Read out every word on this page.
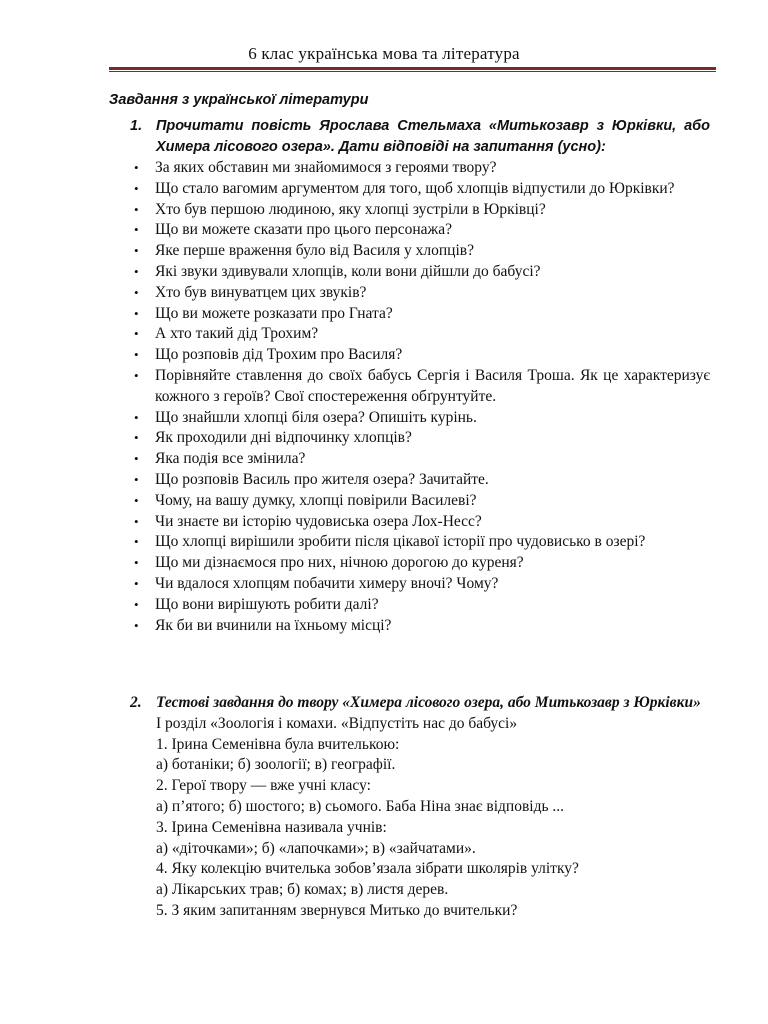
6 клас українська мова та література
Завдання з української літератури
1. Прочитати повість Ярослава Стельмаха «Митькозавр з Юрківки, або Химера лісового озера». Дати відповіді на запитання (усно):
• За яких обставин ми знайомимося з героями твору?
• Що стало вагомим аргументом для того, щоб хлопців відпустили до Юрківки?
• Хто був першою людиною, яку хлопці зустріли в Юрківці?
• Що ви можете сказати про цього персонажа?
• Яке перше враження було від Василя у хлопців?
• Які звуки здивували хлопців, коли вони дійшли до бабусі?
• Хто був винуватцем цих звуків?
• Що ви можете розказати про Гната?
• А хто такий дід Трохим?
• Що розповів дід Трохим про Василя?
• Порівняйте ставлення до своїх бабусь Сергія і Василя Троша. Як це характеризує кожного з героїв? Свої спостереження обґрунтуйте.
• Що знайшли хлопці біля озера? Опишіть курінь.
• Як проходили дні відпочинку хлопців?
• Яка подія все змінила?
• Що розповів Василь про жителя озера? Зачитайте.
• Чому, на вашу думку, хлопці повірили Василеві?
• Чи знаєте ви історію чудовиська озера Лох-Несс?
• Що хлопці вирішили зробити після цікавої історії про чудовисько в озері?
• Що ми дізнаємося про них, нічною дорогою до куреня?
• Чи вдалося хлопцям побачити химеру вночі? Чому?
• Що вони вирішують робити далі?
• Як би ви вчинили на їхньому місці?
2. Тестові завдання до твору «Химера лісового озера, або Митькозавр з Юрківки»
І розділ «Зоологія і комахи. «Відпустіть нас до бабусі»
1. Ірина Семенівна була вчителькою:
а) ботаніки; б) зоології; в) географії.
2. Герої твору — вже учні класу:
а) п’ятого; б) шостого; в) сьомого. Баба Ніна знає відповідь ...
3. Ірина Семенівна називала учнів:
а) «діточками»; б) «лапочками»; в) «зайчатами».
4. Яку колекцію вчителька зобов’язала зібрати школярів улітку?
а) Лікарських трав; б) комах; в) листя дерев.
5. З яким запитанням звернувся Митько до вчительки?
